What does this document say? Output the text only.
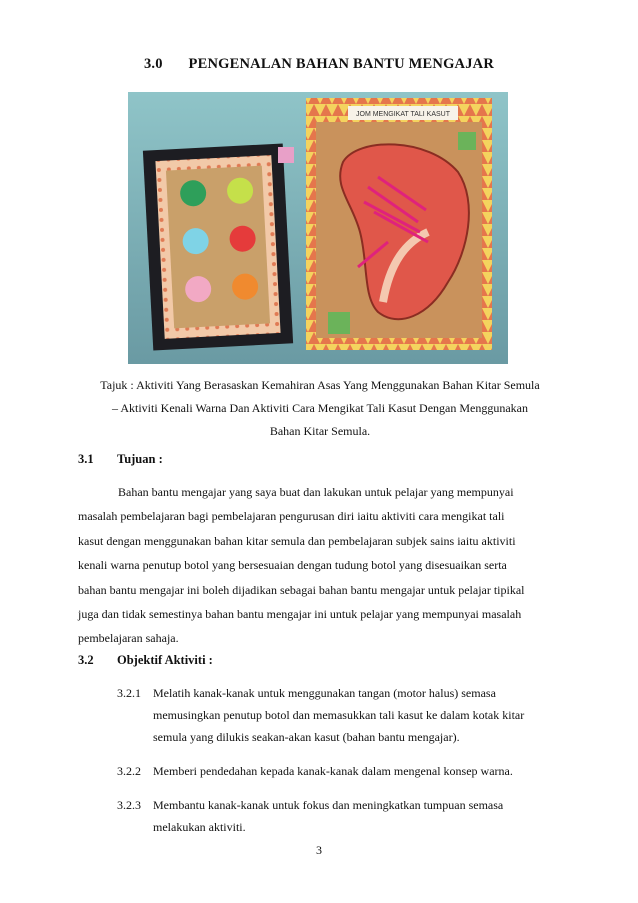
3.0 PENGENALAN BAHAN BANTU MENGAJAR
JOM MENGIKAT TALI KASUT
Tajuk : Aktiviti Yang Berasaskan Kemahiran Asas Yang Menggunakan Bahan Kitar Semula
– Aktiviti Kenali Warna Dan Aktiviti Cara Mengikat Tali Kasut Dengan Menggunakan
Bahan Kitar Semula.
3.1 Tujuan :
Bahan bantu mengajar yang saya buat dan lakukan untuk pelajar yang mempunyai
masalah pembelajaran bagi pembelajaran pengurusan diri iaitu aktiviti cara mengikat tali
kasut dengan menggunakan bahan kitar semula dan pembelajaran subjek sains iaitu aktiviti
kenali warna penutup botol yang bersesuaian dengan tudung botol yang disesuaikan serta
bahan bantu mengajar ini boleh dijadikan sebagai bahan bantu mengajar untuk pelajar tipikal
juga dan tidak semestinya bahan bantu mengajar ini untuk pelajar yang mempunyai masalah
pembelajaran sahaja.
3.2 Objektif Aktiviti :
3.2.1 Melatih kanak-kanak untuk menggunakan tangan (motor halus) semasa
memusingkan penutup botol dan memasukkan tali kasut ke dalam kotak kitar
semula yang dilukis seakan-akan kasut (bahan bantu mengajar).
3.2.2 Memberi pendedahan kepada kanak-kanak dalam mengenal konsep warna.
3.2.3 Membantu kanak-kanak untuk fokus dan meningkatkan tumpuan semasa
melakukan aktiviti.
3
